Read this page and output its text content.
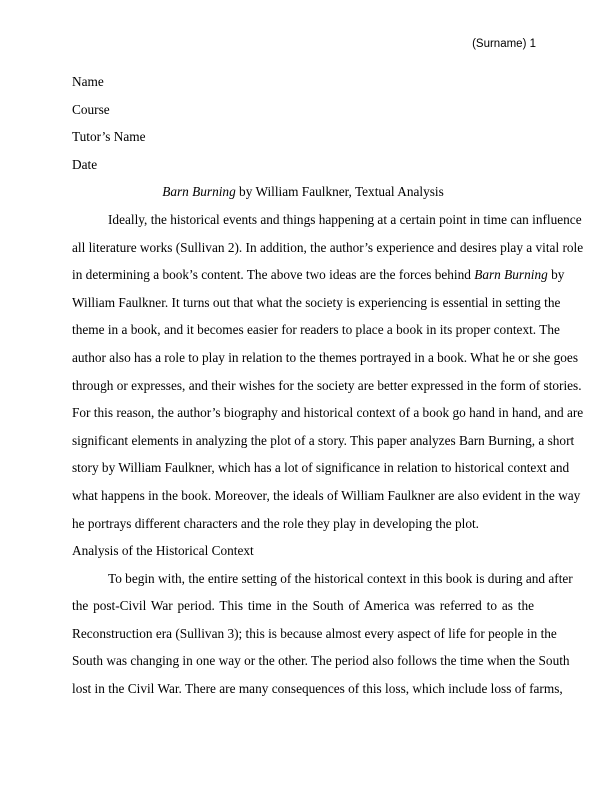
(Surname) 1
Name
Course
Tutor’s Name
Date
Barn Burning by William Faulkner, Textual Analysis
Ideally, the historical events and things happening at a certain point in time can influence
all literature works (Sullivan 2). In addition, the author’s experience and desires play a vital role
in determining a book’s content. The above two ideas are the forces behind Barn Burning by
William Faulkner. It turns out that what the society is experiencing is essential in setting the
theme in a book, and it becomes easier for readers to place a book in its proper context. The
author also has a role to play in relation to the themes portrayed in a book. What he or she goes
through or expresses, and their wishes for the society are better expressed in the form of stories.
For this reason, the author’s biography and historical context of a book go hand in hand, and are
significant elements in analyzing the plot of a story. This paper analyzes Barn Burning, a short
story by William Faulkner, which has a lot of significance in relation to historical context and
what happens in the book. Moreover, the ideals of William Faulkner are also evident in the way
he portrays different characters and the role they play in developing the plot.
Analysis of the Historical Context
To begin with, the entire setting of the historical context in this book is during and after
the post-Civil War period. This time in the South of America was referred to as the
Reconstruction era (Sullivan 3); this is because almost every aspect of life for people in the
South was changing in one way or the other. The period also follows the time when the South
lost in the Civil War. There are many consequences of this loss, which include loss of farms,
